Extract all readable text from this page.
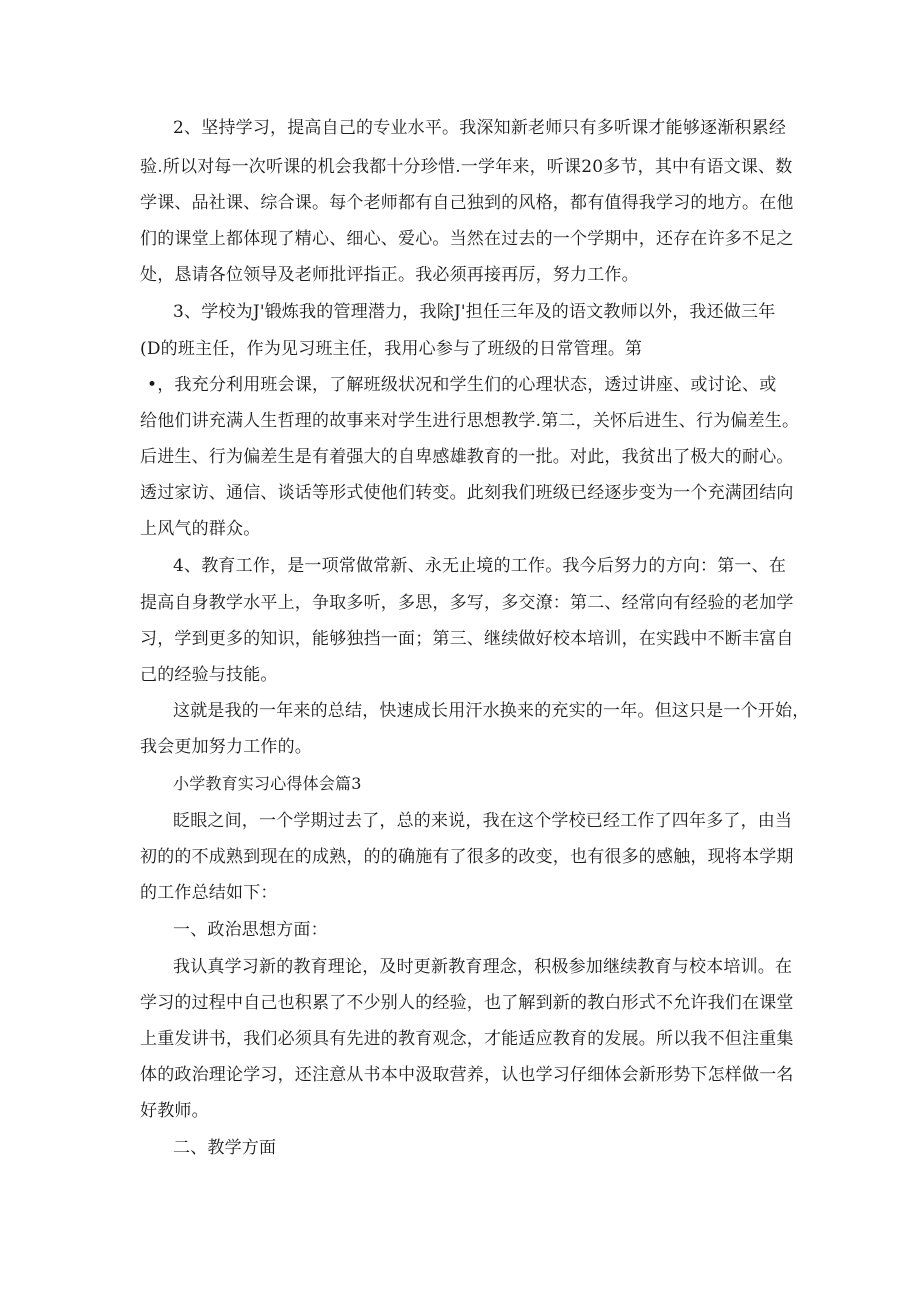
2、坚持学习，提高自己的专业水平。我深知新老师只有多听课才能够逐渐积累经
验.所以对每一次听课的机会我都十分珍惜.一学年来，听课20多节，其中有语文课、数
学课、品社课、综合课。每个老师都有自己独到的风格，都有值得我学习的地方。在他
们的课堂上都体现了精心、细心、爱心。当然在过去的一个学期中，还存在许多不足之
处，恳请各位领导及老师批评指正。我必须再接再厉，努力工作。
3、学校为J'锻炼我的管理潜力，我除J'担任三年及的语文教师以外，我还做三年
(D的班主任，作为见习班主任，我用心参与了班级的日常管理。第
•，我充分利用班会课，了解班级状况和学生们的心理状态，透过讲座、或讨论、或
给他们讲充满人生哲理的故事来对学生进行思想教学.第二，关怀后进生、行为偏差生。
后进生、行为偏差生是有着强大的自卑感雄教育的一批。对此，我贫出了极大的耐心。
透过家访、通信、谈话等形式使他们转变。此刻我们班级已经逐步变为一个充满团结向
上风气的群众。
4、教育工作，是一项常做常新、永无止境的工作。我今后努力的方向：第一、在
提高自身教学水平上，争取多听，多思，多写，多交潦：第二、经常向有经验的老加学
习，学到更多的知识，能够独挡一面；第三、继续做好校本培训，在实践中不断丰富自
己的经验与技能。
这就是我的一年来的总结，快速成长用汗水换来的充实的一年。但这只是一个开始，
我会更加努力工作的。
小学教育实习心得体会篇3
眨眼之间，一个学期过去了，总的来说，我在这个学校已经工作了四年多了，由当
初的的不成熟到现在的成熟，的的确施有了很多的改变，也有很多的感触，现将本学期
的工作总结如下：
一、政治思想方面：
我认真学习新的教育理论，及时更新教育理念，积极参加继续教育与校本培训。在
学习的过程中自己也积累了不少别人的经验，也了解到新的教白形式不允许我们在课堂
上重发讲书，我们必须具有先进的教育观念，才能适应教育的发展。所以我不但注重集
体的政治理论学习，还注意从书本中汲取营养，认也学习仔细体会新形势下怎样做一名
好教师。
二、教学方面
